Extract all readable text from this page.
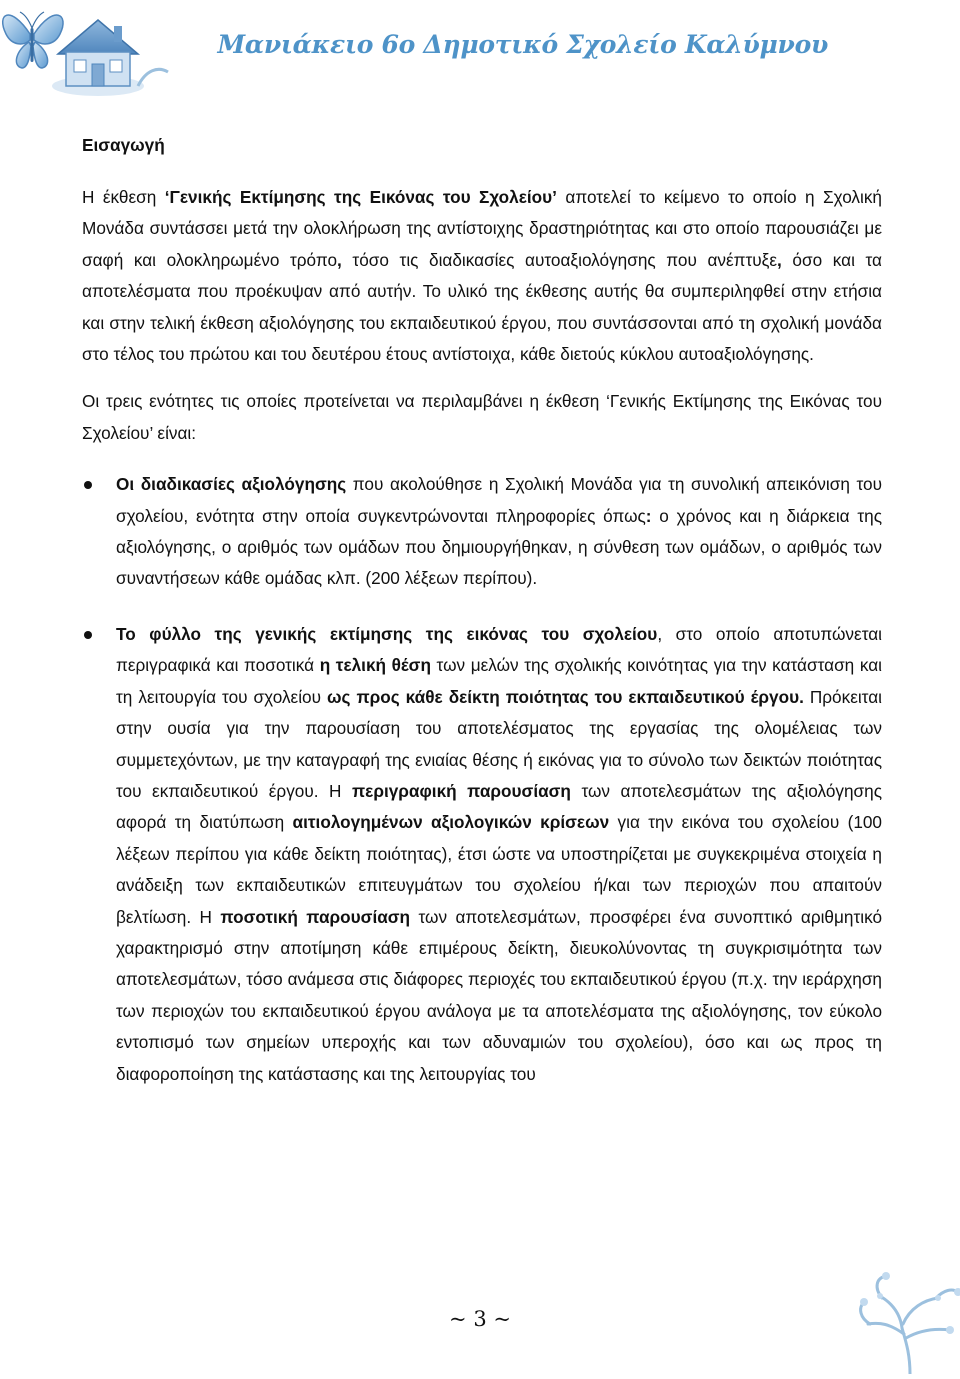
Μανιάκειο 6ο Δημοτικό Σχολείο Καλύμνου
Εισαγωγή

Η έκθεση ‘Γενικής Εκτίμησης της Εικόνας του Σχολείου’ αποτελεί το κείμενο το οποίο η Σχολική Μονάδα συντάσσει μετά την ολοκλήρωση της αντίστοιχης δραστηριότητας και στο οποίο παρουσιάζει με σαφή και ολοκληρωμένο τρόπο, τόσο τις διαδικασίες αυτοαξιολόγησης που ανέπτυξε, όσο και τα αποτελέσματα που προέκυψαν από αυτήν. Το υλικό της έκθεσης αυτής θα συμπεριληφθεί στην ετήσια και στην τελική έκθεση αξιολόγησης του εκπαιδευτικού έργου, που συντάσσονται από τη σχολική μονάδα στο τέλος του πρώτου και του δευτέρου έτους αντίστοιχα, κάθε διετούς κύκλου αυτοαξιολόγησης.

Οι τρεις ενότητες τις οποίες προτείνεται να περιλαμβάνει η έκθεση ‘Γενικής Εκτίμησης της Εικόνας του Σχολείου’ είναι:

Οι διαδικασίες αξιολόγησης που ακολούθησε η Σχολική Μονάδα για τη συνολική απεικόνιση του σχολείου, ενότητα στην οποία συγκεντρώνονται πληροφορίες όπως: ο χρόνος και η διάρκεια της αξιολόγησης, ο αριθμός των ομάδων που δημιουργήθηκαν, η σύνθεση των ομάδων, ο αριθμός των συναντήσεων κάθε ομάδας κλπ. (200 λέξεων περίπου).
Το φύλλο της γενικής εκτίμησης της εικόνας του σχολείου, στο οποίο αποτυπώνεται περιγραφικά και ποσοτικά η τελική θέση των μελών της σχολικής κοινότητας για την κατάσταση και τη λειτουργία του σχολείου ως προς κάθε δείκτη ποιότητας του εκπαιδευτικού έργου. Πρόκειται στην ουσία για την παρουσίαση του αποτελέσματος της εργασίας της ολομέλειας των συμμετεχόντων, με την καταγραφή της ενιαίας θέσης ή εικόνας για το σύνολο των δεικτών ποιότητας του εκπαιδευτικού έργου. Η περιγραφική παρουσίαση των αποτελεσμάτων της αξιολόγησης αφορά τη διατύπωση αιτιολογημένων αξιολογικών κρίσεων για την εικόνα του σχολείου (100 λέξεων περίπου για κάθε δείκτη ποιότητας), έτσι ώστε να υποστηρίζεται με συγκεκριμένα στοιχεία η ανάδειξη των εκπαιδευτικών επιτευγμάτων του σχολείου ή/και των περιοχών που απαιτούν βελτίωση. Η ποσοτική παρουσίαση των αποτελεσμάτων, προσφέρει ένα συνοπτικό αριθμητικό χαρακτηρισμό στην αποτίμηση κάθε επιμέρους δείκτη, διευκολύνοντας τη συγκρισιμότητα των αποτελεσμάτων, τόσο ανάμεσα στις διάφορες περιοχές του εκπαιδευτικού έργου (π.χ. την ιεράρχηση των περιοχών του εκπαιδευτικού έργου ανάλογα με τα αποτελέσματα της αξιολόγησης, τον εύκολο εντοπισμό των σημείων υπεροχής και των αδυναμιών του σχολείου), όσο και ως προς τη διαφοροποίηση της κατάστασης και της λειτουργίας του
~ 3 ~
